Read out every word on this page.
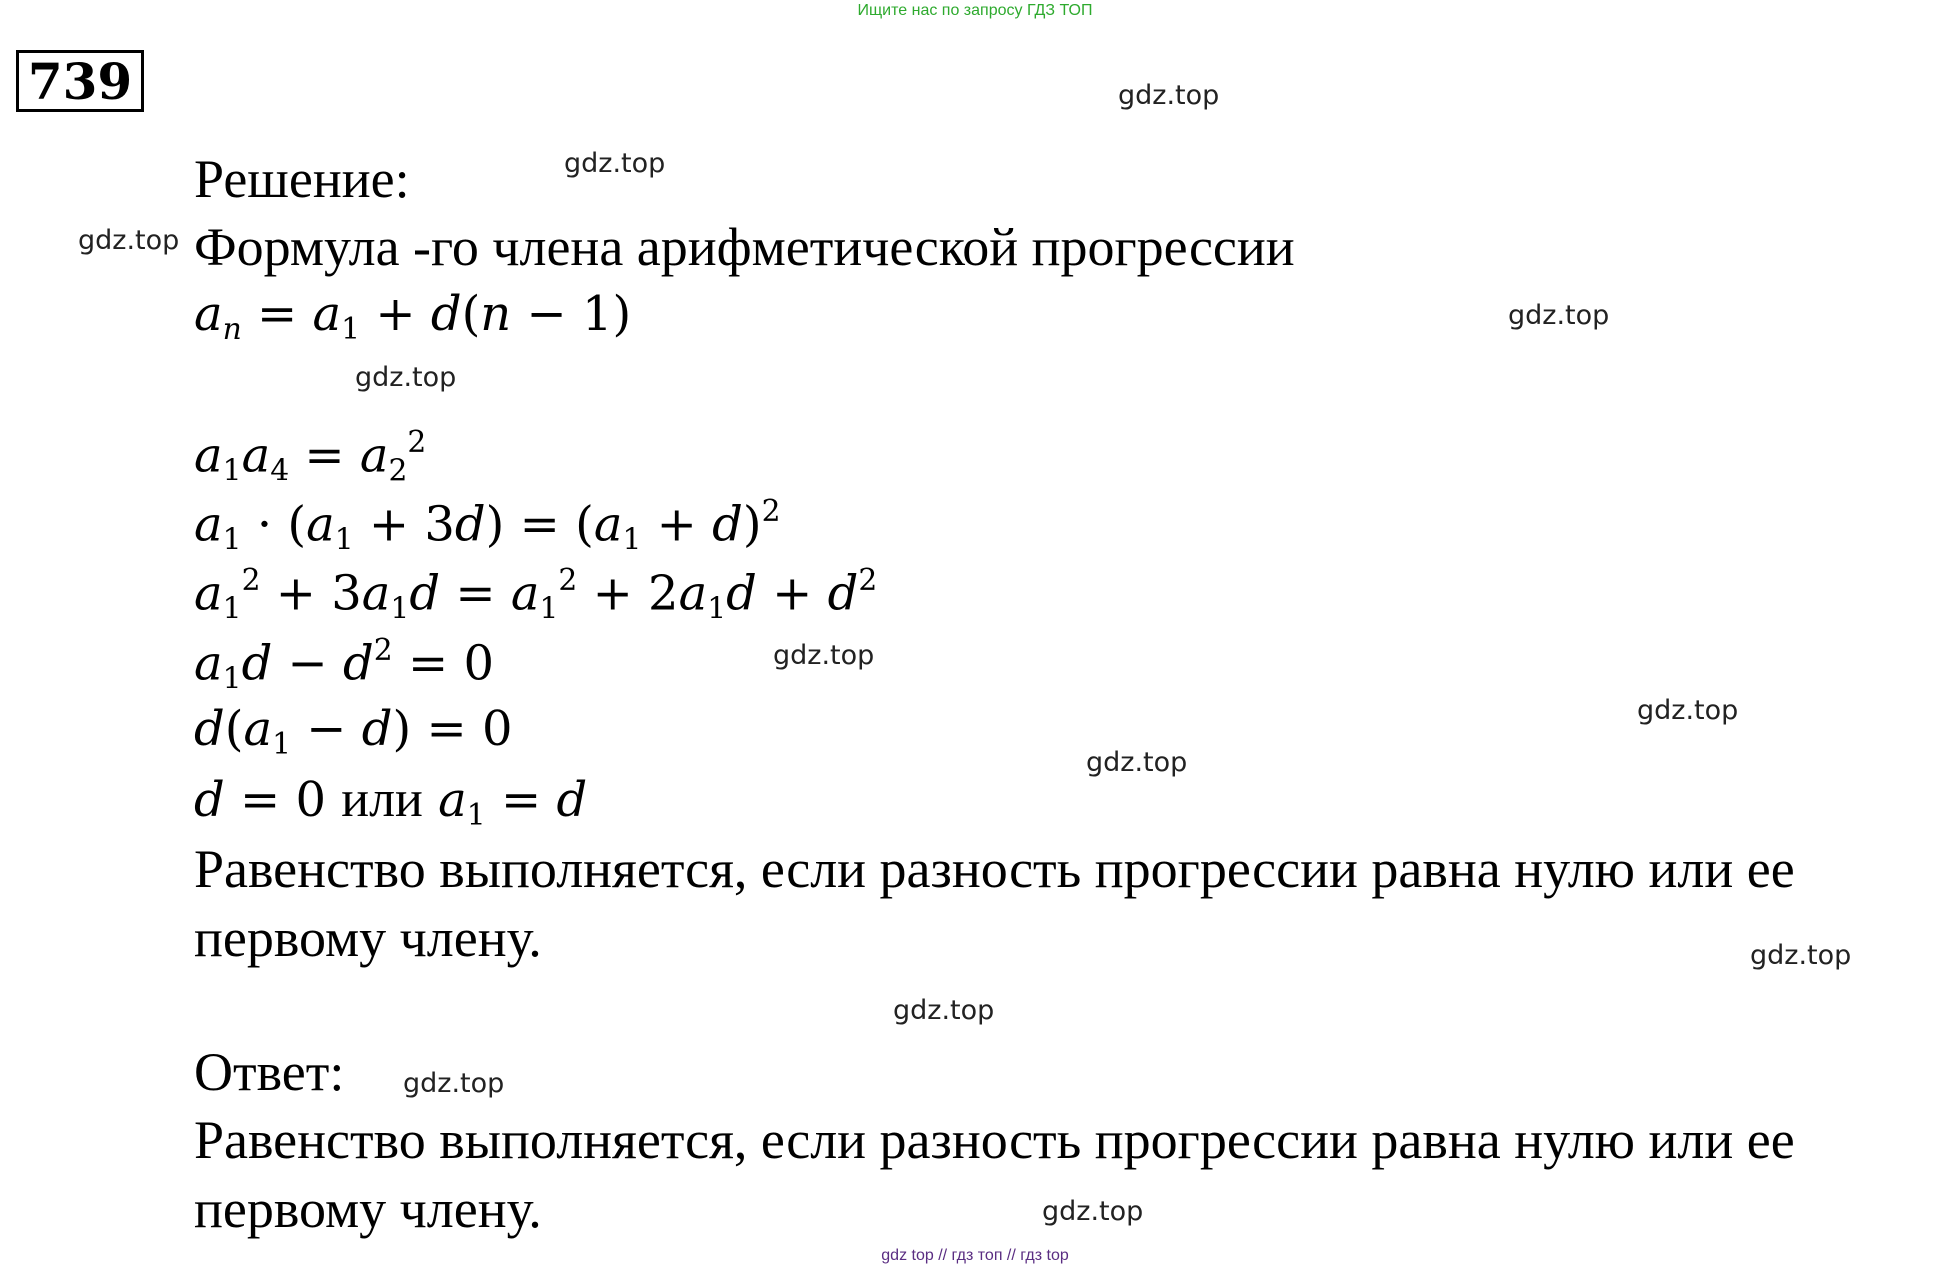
Ищите нас по запросу ГДЗ ТОП
739
Решение:
Формула -го члена арифметической прогрессии
$a_n = a_1 + d(n - 1)$
$a_1a_4 = a_2^2$
$a_1 \cdot (a_1 + 3d) = (a_1 + d)^2$
$a_1^2 + 3a_1d = a_1^2 + 2a_1d + d^2$
$a_1d - d^2 = 0$
$d(a_1 - d) = 0$
d = 0 или $a_1 = d$
Равенство выполняется, если разность прогрессии равна нулю или ее
первому члену.
Ответ:
Равенство выполняется, если разность прогрессии равна нулю или ее
первому члену.
gdz.top
gdz.top
gdz.top
gdz.top
gdz.top
gdz.top
gdz.top
gdz.top
gdz.top
gdz.top
gdz.top
gdz.top
gdz top // гдз топ // гдз top
